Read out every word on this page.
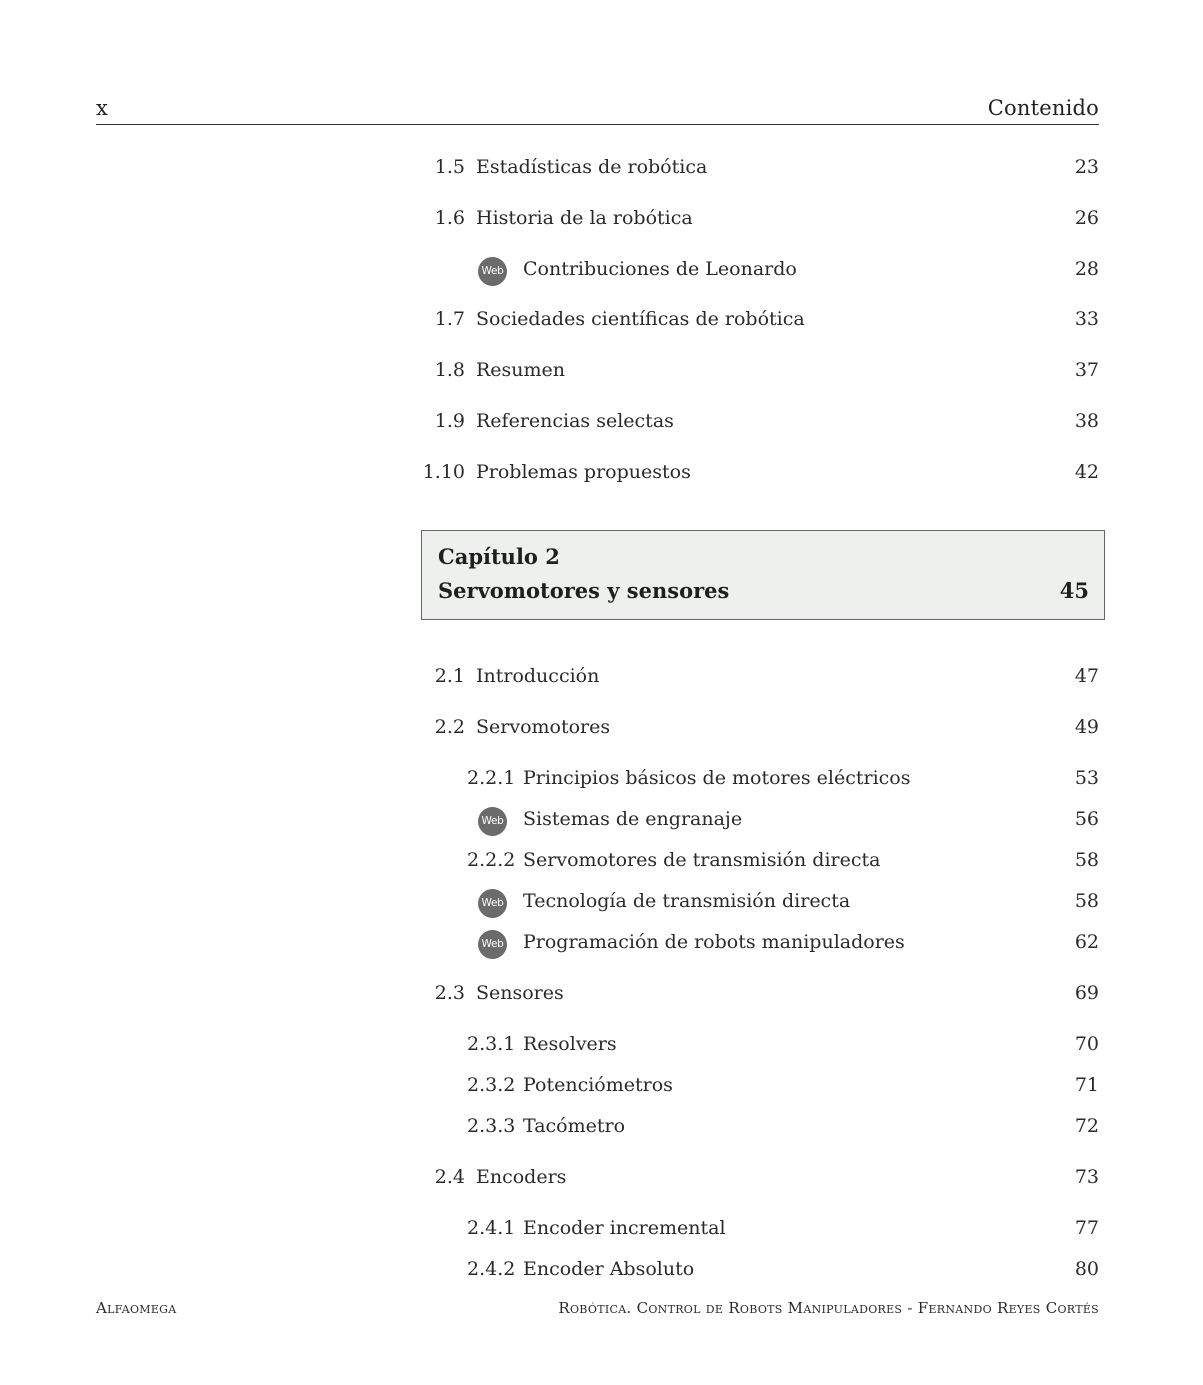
x	Contenido
1.5 Estadísticas de robótica	23
1.6 Historia de la robótica	26
Web Contribuciones de Leonardo	28
1.7 Sociedades científicas de robótica	33
1.8 Resumen	37
1.9 Referencias selectas	38
1.10 Problemas propuestos	42
Capítulo 2
Servomotores y sensores	45
2.1 Introducción	47
2.2 Servomotores	49
2.2.1 Principios básicos de motores eléctricos	53
Web Sistemas de engranaje	56
2.2.2 Servomotores de transmisión directa	58
Web Tecnología de transmisión directa	58
Web Programación de robots manipuladores	62
2.3 Sensores	69
2.3.1 Resolvers	70
2.3.2 Potenciómetros	71
2.3.3 Tacómetro	72
2.4 Encoders	73
2.4.1 Encoder incremental	77
2.4.2 Encoder Absoluto	80
Alfaomega	Robótica. Control de Robots Manipuladores - Fernando Reyes Cortés
